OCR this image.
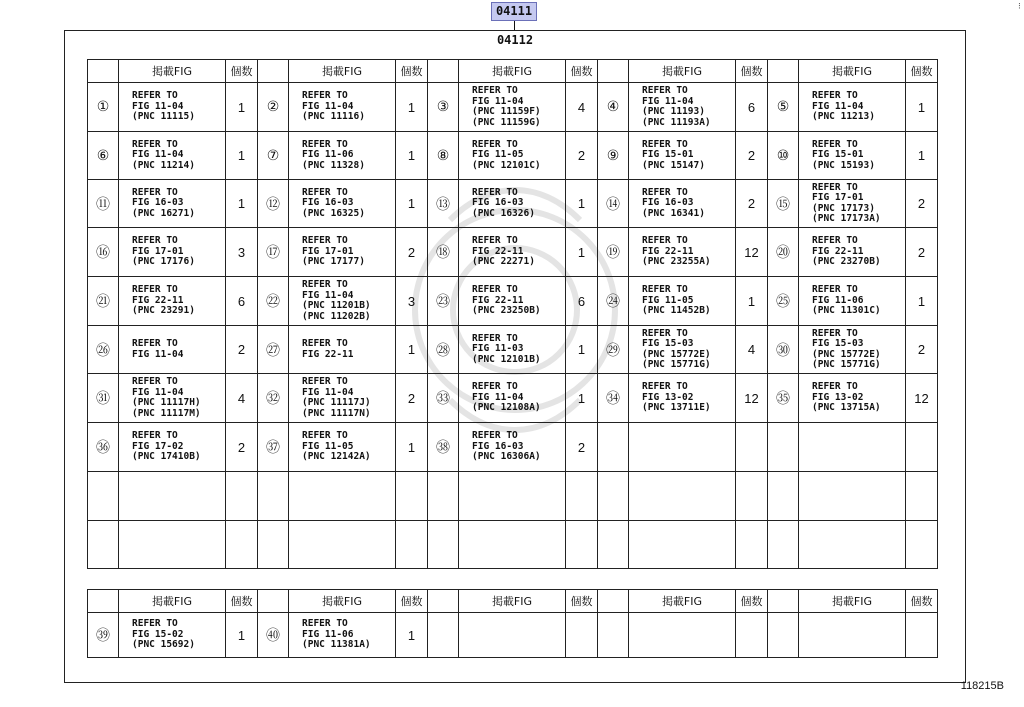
04111	⁝
04112
	掲載FIG	個数		掲載FIG	個数		掲載FIG	個数		掲載FIG	個数		掲載FIG	個数
①	REFER TO
FIG 11-04
(PNC 11115)	1	②	REFER TO
FIG 11-04
(PNC 11116)	1	③	REFER TO
FIG 11-04
(PNC 11159F)
(PNC 11159G)	4	④	REFER TO
FIG 11-04
(PNC 11193)
(PNC 11193A)	6	⑤	REFER TO
FIG 11-04
(PNC 11213)	1
⑥	REFER TO
FIG 11-04
(PNC 11214)	1	⑦	REFER TO
FIG 11-06
(PNC 11328)	1	⑧	REFER TO
FIG 11-05
(PNC 12101C)	2	⑨	REFER TO
FIG 15-01
(PNC 15147)	2	⑩	REFER TO
FIG 15-01
(PNC 15193)	1
⑪	REFER TO
FIG 16-03
(PNC 16271)	1	⑫	REFER TO
FIG 16-03
(PNC 16325)	1	⑬	REFER TO
FIG 16-03
(PNC 16326)	1	⑭	REFER TO
FIG 16-03
(PNC 16341)	2	⑮	REFER TO
FIG 17-01
(PNC 17173)
(PNC 17173A)	2
⑯	REFER TO
FIG 17-01
(PNC 17176)	3	⑰	REFER TO
FIG 17-01
(PNC 17177)	2	⑱	REFER TO
FIG 22-11
(PNC 22271)	1	⑲	REFER TO
FIG 22-11
(PNC 23255A)	12	⑳	REFER TO
FIG 22-11
(PNC 23270B)	2
㉑	REFER TO
FIG 22-11
(PNC 23291)	6	㉒	REFER TO
FIG 11-04
(PNC 11201B)
(PNC 11202B)	3	㉓	REFER TO
FIG 22-11
(PNC 23250B)	6	㉔	REFER TO
FIG 11-05
(PNC 11452B)	1	㉕	REFER TO
FIG 11-06
(PNC 11301C)	1
㉖	REFER TO
FIG 11-04	2	㉗	REFER TO
FIG 22-11	1	㉘	REFER TO
FIG 11-03
(PNC 12101B)	1	㉙	REFER TO
FIG 15-03
(PNC 15772E)
(PNC 15771G)	4	㉚	REFER TO
FIG 15-03
(PNC 15772E)
(PNC 15771G)	2
㉛	REFER TO
FIG 11-04
(PNC 11117H)
(PNC 11117M)	4	㉜	REFER TO
FIG 11-04
(PNC 11117J)
(PNC 11117N)	2	㉝	REFER TO
FIG 11-04
(PNC 12108A)	1	㉞	REFER TO
FIG 13-02
(PNC 13711E)	12	㉟	REFER TO
FIG 13-02
(PNC 13715A)	12
㊱	REFER TO
FIG 17-02
(PNC 17410B)	2	㊲	REFER TO
FIG 11-05
(PNC 12142A)	1	㊳	REFER TO
FIG 16-03
(PNC 16306A)	2						

	掲載FIG	個数		掲載FIG	個数		掲載FIG	個数		掲載FIG	個数		掲載FIG	個数
㊴	REFER TO
FIG 15-02
(PNC 15692)	1	㊵	REFER TO
FIG 11-06
(PNC 11381A)	1									
118215B
